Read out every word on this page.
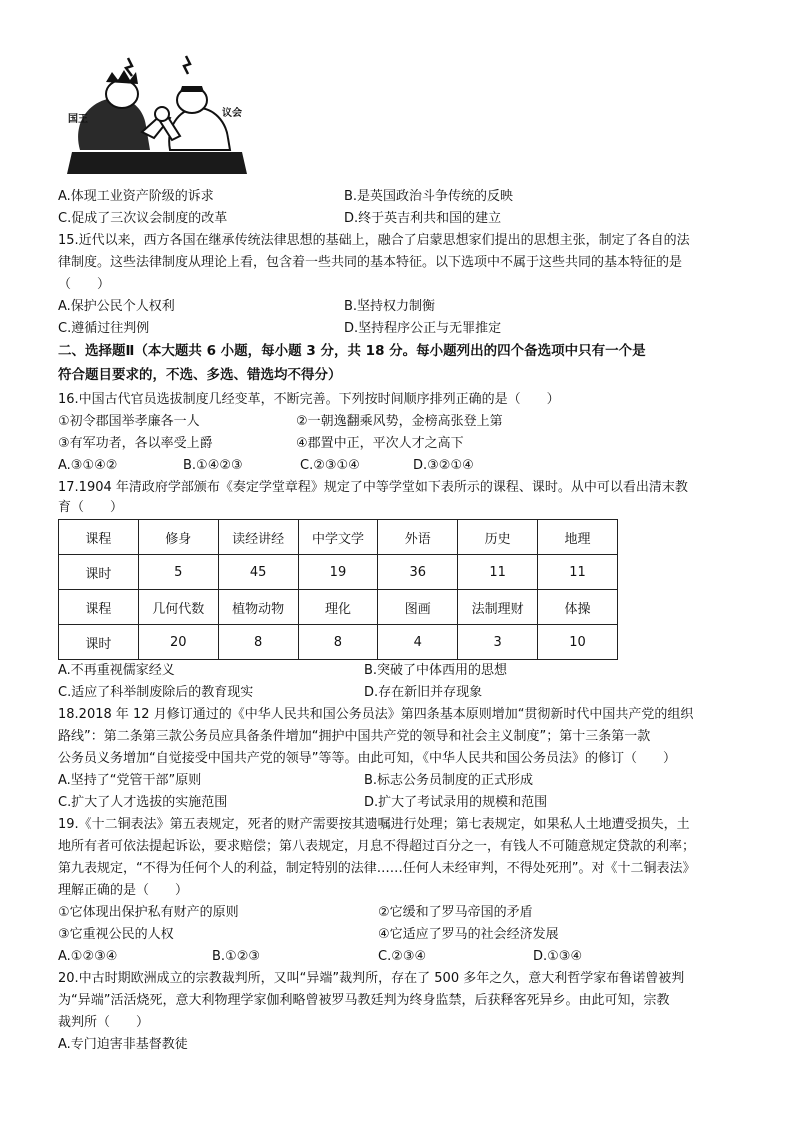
国王
议会
A.体现工业资产阶级的诉求	B.是英国政治斗争传统的反映
C.促成了三次议会制度的改革	D.终于英吉利共和国的建立
15.近代以来，西方各国在继承传统法律思想的基础上，融合了启蒙思想家们提出的思想主张，制定了各自的法
律制度。这些法律制度从理论上看，包含着一些共同的基本特征。以下选项中不属于这些共同的基本特征的是
（　　）
A.保护公民个人权利	B.坚持权力制衡
C.遵循过往判例	D.坚持程序公正与无罪推定
二、选择题Ⅱ（本大题共 6 小题，每小题 3 分，共 18 分。每小题列出的四个备选项中只有一个是
符合题目要求的，不选、多选、错选均不得分）
16.中国古代官员选拔制度几经变革，不断完善。下列按时间顺序排列正确的是（　　）
①初令郡国举孝廉各一人	②一朝逸翻乘风势，金榜高张登上第
③有军功者，各以率受上爵	④郡置中正，平次人才之高下
A.③①④②	B.①④②③	C.②③①④	D.③②①④
17.1904 年清政府学部颁布《奏定学堂章程》规定了中等学堂如下表所示的课程、课时。从中可以看出清末教
育（　　）
课程	修身	读经讲经	中学文学	外语	历史	地理
课时	5	45	19	36	11	11
课程	几何代数	植物动物	理化	图画	法制理财	体操
课时	20	8	8	4	3	10
A.不再重视儒家经义	B.突破了中体西用的思想
C.适应了科举制废除后的教育现实	D.存在新旧并存现象
18.2018 年 12 月修订通过的《中华人民共和国公务员法》第四条基本原则增加“贯彻新时代中国共产党的组织
路线”：第二条第三款公务员应具备条件增加“拥护中国共产党的领导和社会主义制度”；第十三条第一款
公务员义务增加“自觉接受中国共产党的领导”等等。由此可知，《中华人民共和国公务员法》的修订（　　）
A.坚持了“党管干部”原则	B.标志公务员制度的正式形成
C.扩大了人才选拔的实施范围	D.扩大了考试录用的规模和范围
19.《十二铜表法》第五表规定，死者的财产需要按其遗嘱进行处理；第七表规定，如果私人土地遭受损失，土
地所有者可依法提起诉讼，要求赔偿；第八表规定，月息不得超过百分之一，有钱人不可随意规定贷款的利率；
第九表规定，“不得为任何个人的利益，制定特别的法律……任何人未经审判，不得处死刑”。对《十二铜表法》
理解正确的是（　　）
①它体现出保护私有财产的原则	②它缓和了罗马帝国的矛盾
③它重视公民的人权	④它适应了罗马的社会经济发展
A.①②③④	B.①②③	C.②③④	D.①③④
20.中古时期欧洲成立的宗教裁判所，又叫“异端”裁判所，存在了 500 多年之久，意大利哲学家布鲁诺曾被判
为“异端”活活烧死，意大利物理学家伽利略曾被罗马教廷判为终身监禁，后获释客死异乡。由此可知，宗教
裁判所（　　）
A.专门迫害非基督教徒
